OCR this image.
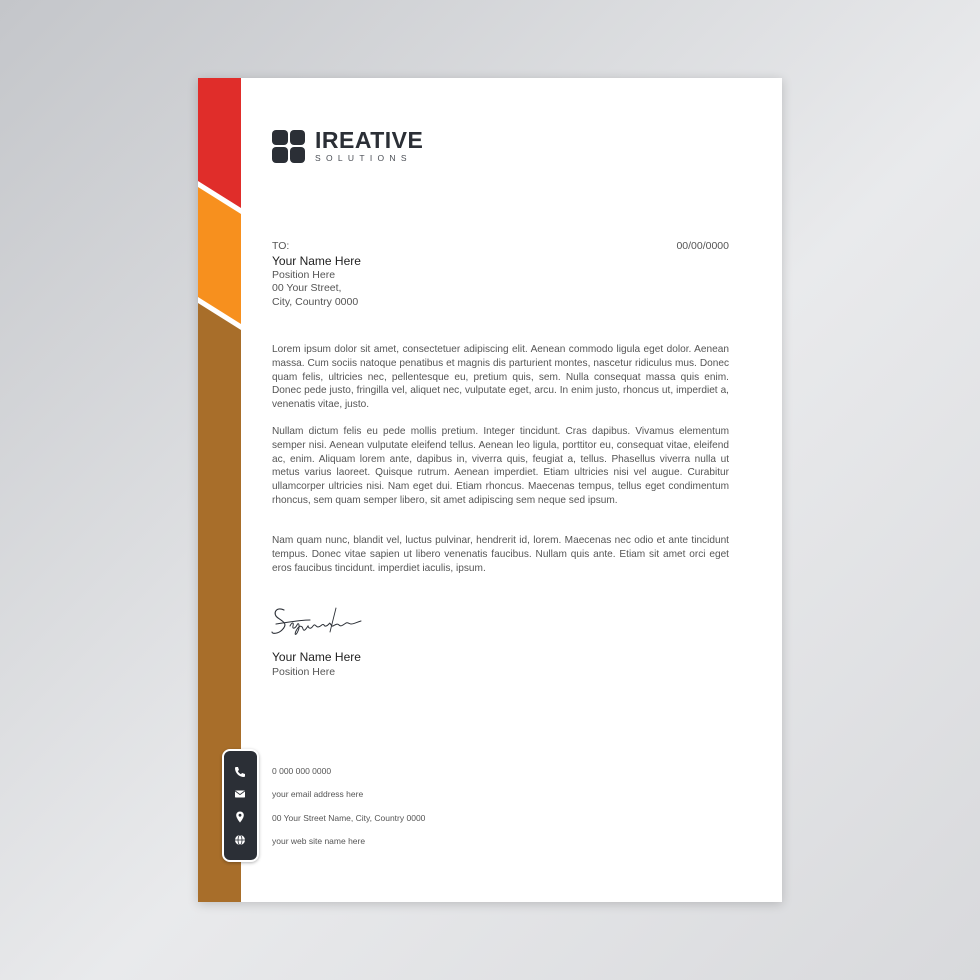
IREATIVE
SOLUTIONS
TO:
Your Name Here
Position Here
00 Your Street,
City, Country 0000
00/00/0000

Lorem ipsum dolor sit amet, consectetuer adipiscing elit. Aenean commodo ligula eget dolor. Aenean massa. Cum sociis natoque penatibus et magnis dis parturient montes, nascetur ridiculus mus. Donec quam felis, ultricies nec, pellentesque eu, pretium quis, sem. Nulla consequat massa quis enim. Donec pede justo, fringilla vel, aliquet nec, vulputate eget, arcu. In enim justo, rhoncus ut, imperdiet a, venenatis vitae, justo.

Nullam dictum felis eu pede mollis pretium. Integer tincidunt. Cras dapibus. Vivamus elementum semper nisi. Aenean vulputate eleifend tellus. Aenean leo ligula, porttitor eu, consequat vitae, eleifend ac, enim. Aliquam lorem ante, dapibus in, viverra quis, feugiat a, tellus. Phasellus viverra nulla ut metus varius laoreet. Quisque rutrum. Aenean imperdiet. Etiam ultricies nisi vel augue. Curabitur ullamcorper ultricies nisi. Nam eget dui. Etiam rhoncus. Maecenas tempus, tellus eget condimentum rhoncus, sem quam semper libero, sit amet adipiscing sem neque sed ipsum.

Nam quam nunc, blandit vel, luctus pulvinar, hendrerit id, lorem. Maecenas nec odio et ante tincidunt tempus. Donec vitae sapien ut libero venenatis faucibus. Nullam quis ante. Etiam sit amet orci eget eros faucibus tincidunt. imperdiet iaculis, ipsum.

Your Name Here
Position Here
0 000 000 0000
your email address here
00 Your Street Name, City, Country 0000
your web site name here
